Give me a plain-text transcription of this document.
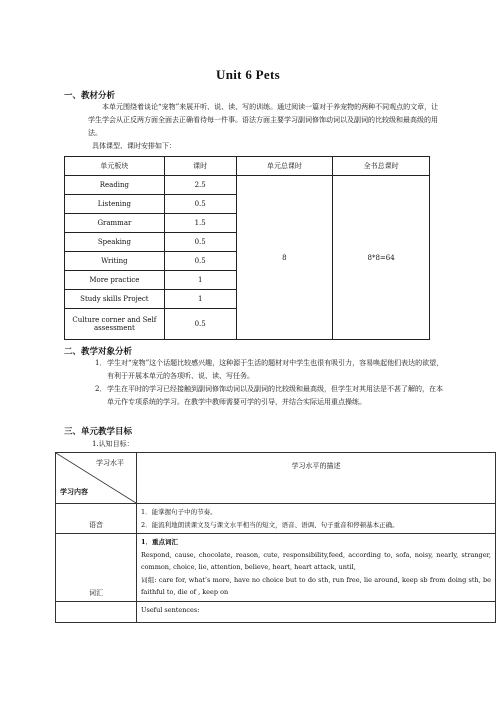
Unit 6 Pets
一、教材分析
本单元围绕着谈论“宠物”来展开听、说、读、写的训练。通过阅读一篇对于养宠物的两种不同观点的文章，让学生学会从正反两方面全面去正确看待每一件事。语法方面主要学习副词修饰动词以及副词的比较级和最高级的用法。
具体课型、课时安排如下：
单元板块	课时	单元总课时	全书总课时
Reading	2.5	8	8*8=64
Listening	0.5		
Grammar	1.5		
Speaking	0.5		
Writing	0.5		
More practice	1		
Study skills Project	1		
Culture corner and Self assessment	0.5		
二、教学对象分析
1． 学生对“宠物”这个话题比较感兴趣，这种源于生活的题材对中学生也很有吸引力，容易唤起他们表达的欲望，有利于开展本单元的各项听、说、读、写任务。
2． 学生在平时的学习已经接触到副词修饰动词以及副词的比较级和最高级，但学生对其用法是不甚了解的，在本单元作专项系统的学习。在教学中教师需要可学的引导，并结合实际运用重点操练。
三、单元教学目标
1.认知目标：
学习水平
学习内容	学习水平的描述
语音	1．能掌握句子中的节奏。
2．能流利地朗读课文及与课文水平相当的短文，语音、语调、句子重音和停顿基本正确。

词汇	1．重点词汇
Respond, cause, chocolate, reason, cute, responsibility,feed, according to, sofa, noisy, nearly, stranger, common, choice, lie, attention, believe, heart, heart attack, until,
词组: care for, what’s more, have no choice but to do sth, run free, lie around, keep sb from doing sth, be faithful to, die of , keep on

	Useful sentences:
